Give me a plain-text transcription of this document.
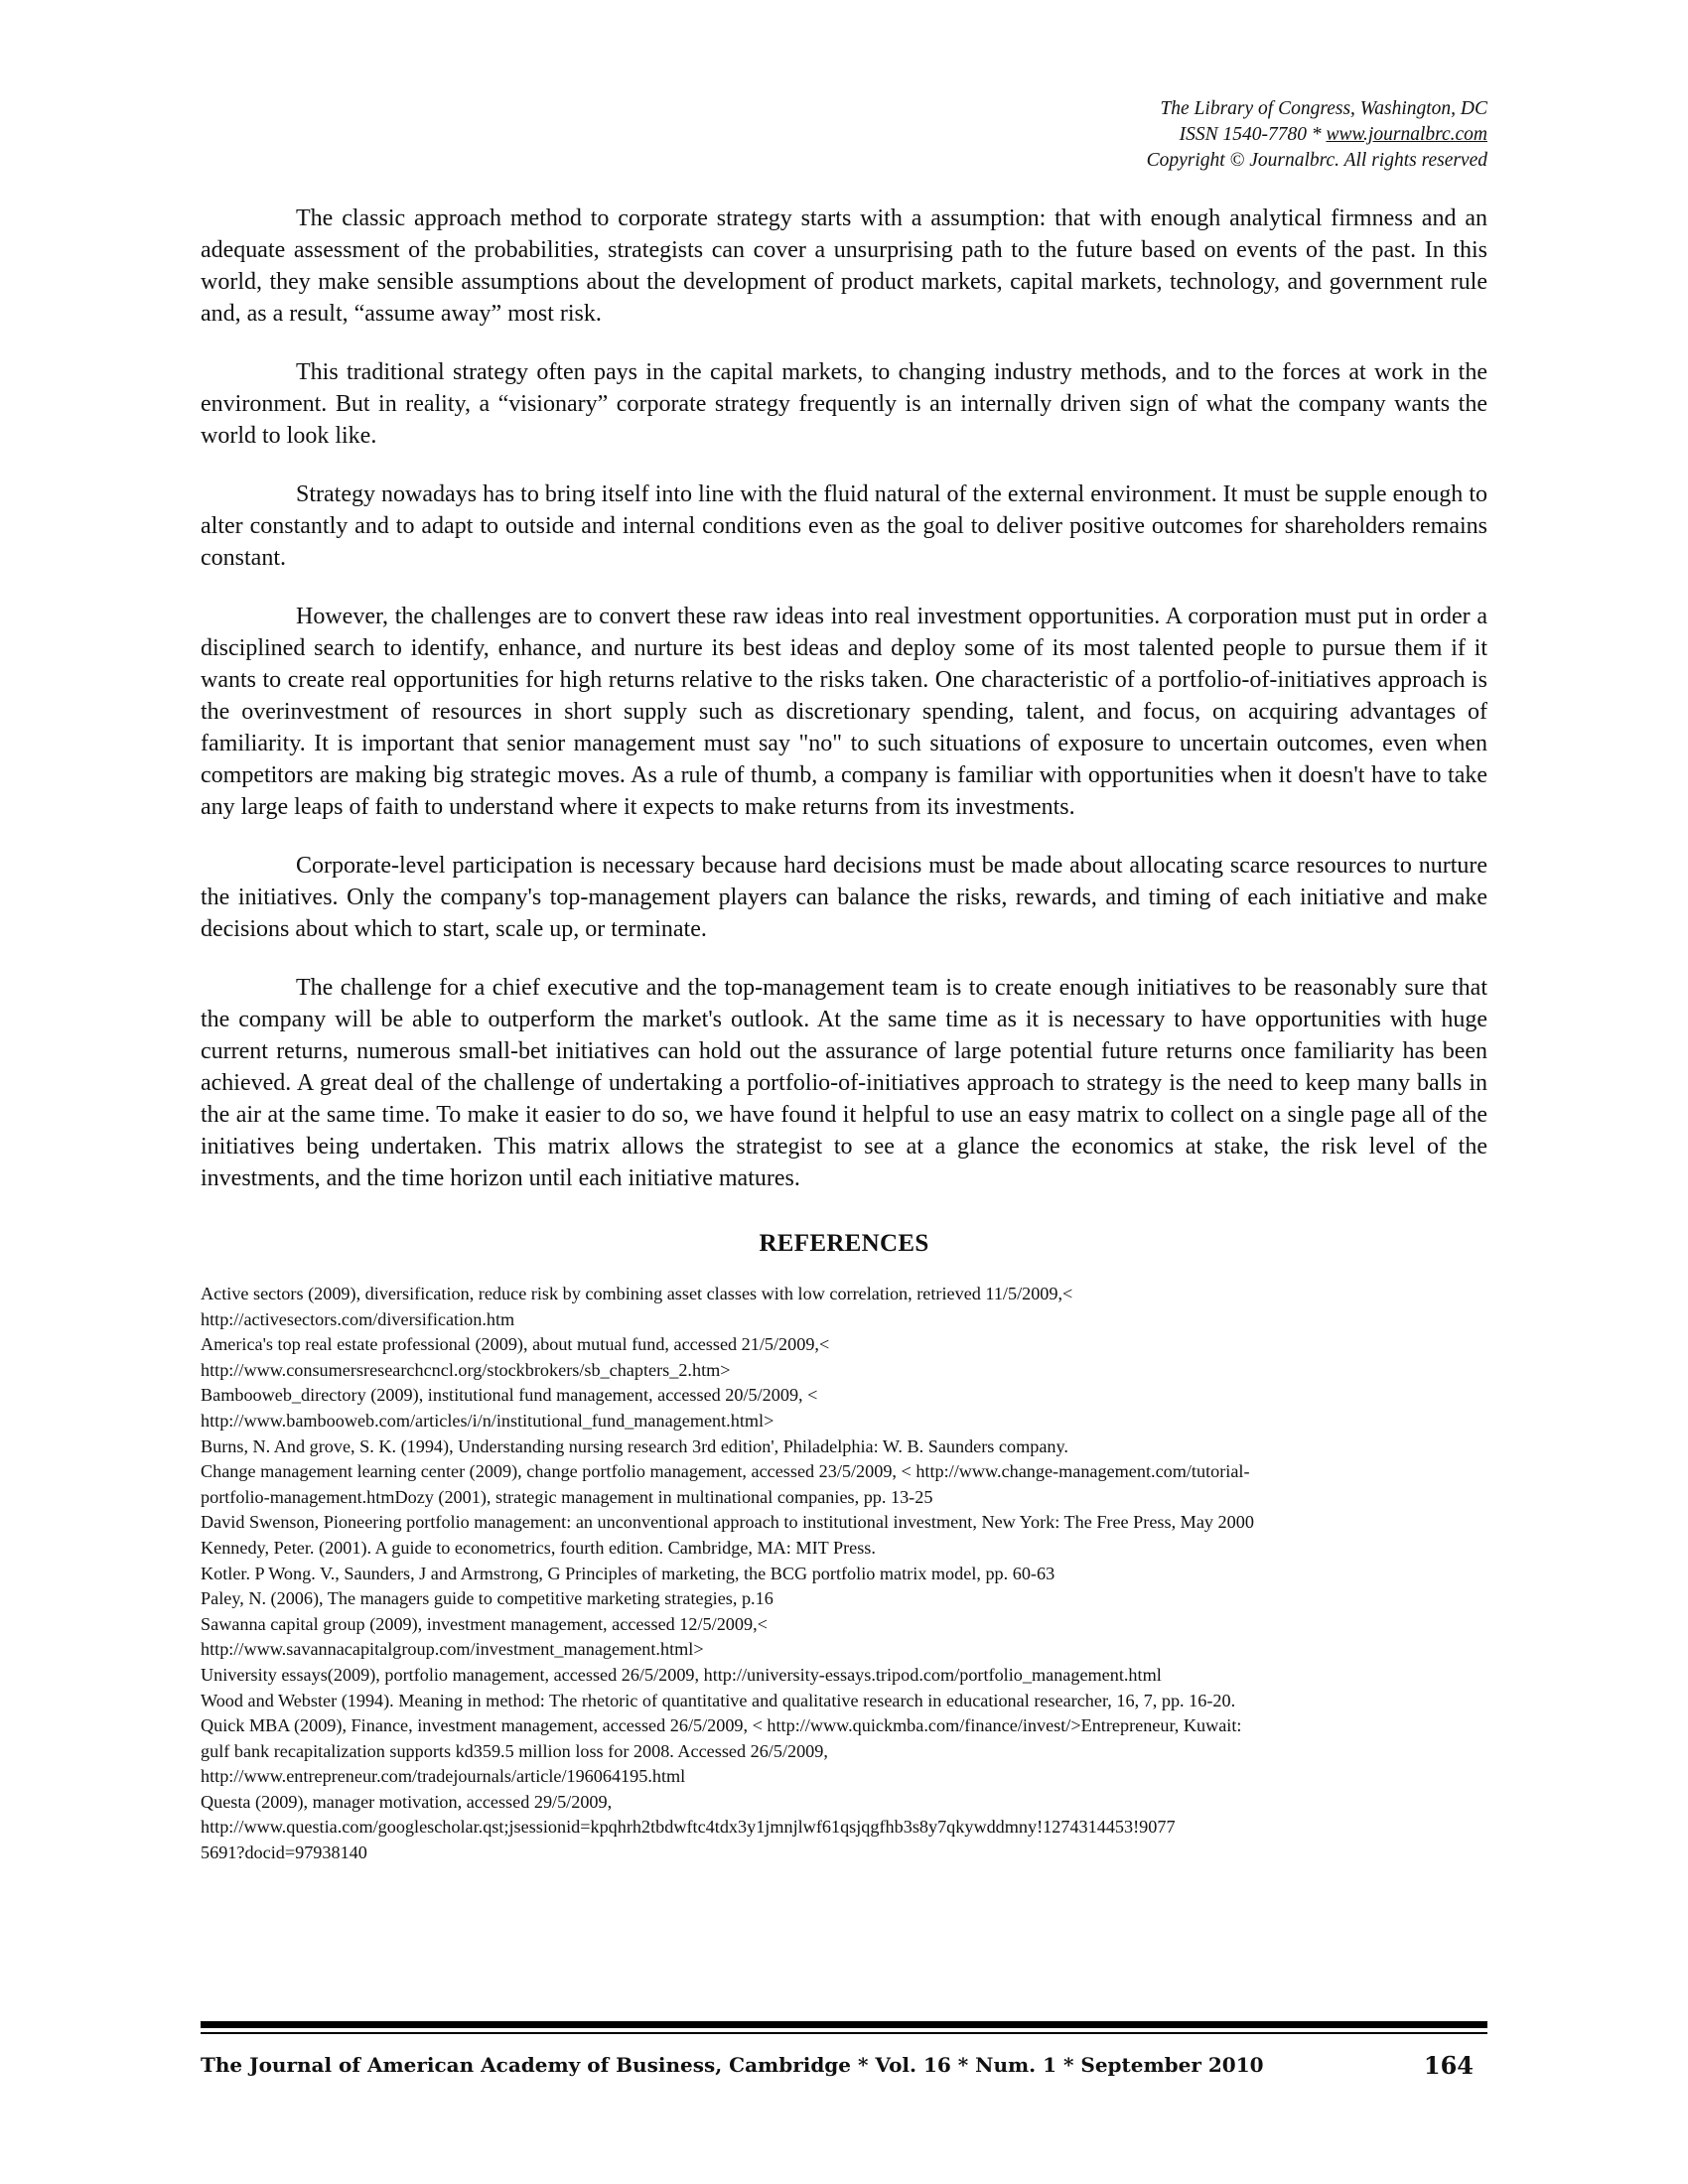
The Library of Congress, Washington, DC
ISSN 1540-7780 * www.journalbrc.com
Copyright © Journalbrc. All rights reserved

The classic approach method to corporate strategy starts with a assumption: that with enough analytical firmness and an adequate assessment of the probabilities, strategists can cover a unsurprising path to the future based on events of the past. In this world, they make sensible assumptions about the development of product markets, capital markets, technology, and government rule and, as a result, “assume away” most risk.

This traditional strategy often pays in the capital markets, to changing industry methods, and to the forces at work in the environment. But in reality, a “visionary” corporate strategy frequently is an internally driven sign of what the company wants the world to look like.

Strategy nowadays has to bring itself into line with the fluid natural of the external environment. It must be supple enough to alter constantly and to adapt to outside and internal conditions even as the goal to deliver positive outcomes for shareholders remains constant.

However, the challenges are to convert these raw ideas into real investment opportunities. A corporation must put in order a disciplined search to identify, enhance, and nurture its best ideas and deploy some of its most talented people to pursue them if it wants to create real opportunities for high returns relative to the risks taken. One characteristic of a portfolio-of-initiatives approach is the overinvestment of resources in short supply such as discretionary spending, talent, and focus, on acquiring advantages of familiarity. It is important that senior management must say "no" to such situations of exposure to uncertain outcomes, even when competitors are making big strategic moves. As a rule of thumb, a company is familiar with opportunities when it doesn't have to take any large leaps of faith to understand where it expects to make returns from its investments.

Corporate-level participation is necessary because hard decisions must be made about allocating scarce resources to nurture the initiatives. Only the company's top-management players can balance the risks, rewards, and timing of each initiative and make decisions about which to start, scale up, or terminate.

The challenge for a chief executive and the top-management team is to create enough initiatives to be reasonably sure that the company will be able to outperform the market's outlook. At the same time as it is necessary to have opportunities with huge current returns, numerous small-bet initiatives can hold out the assurance of large potential future returns once familiarity has been achieved. A great deal of the challenge of undertaking a portfolio-of-initiatives approach to strategy is the need to keep many balls in the air at the same time. To make it easier to do so, we have found it helpful to use an easy matrix to collect on a single page all of the initiatives being undertaken. This matrix allows the strategist to see at a glance the economics at stake, the risk level of the investments, and the time horizon until each initiative matures.

REFERENCES

Active sectors (2009), diversification, reduce risk by combining asset classes with low correlation, retrieved 11/5/2009,<
http://activesectors.com/diversification.htm

America's top real estate professional (2009), about mutual fund, accessed 21/5/2009,<
http://www.consumersresearchcncl.org/stockbrokers/sb_chapters_2.htm>

Bambooweb_directory (2009), institutional fund management, accessed 20/5/2009, <
http://www.bambooweb.com/articles/i/n/institutional_fund_management.html>

Burns, N. And grove, S. K. (1994), Understanding nursing research 3rd edition', Philadelphia: W. B. Saunders company.

Change management learning center (2009), change portfolio management, accessed 23/5/2009, < http://www.change-management.com/tutorial-
portfolio-management.htmDozy (2001), strategic management in multinational companies, pp. 13-25

David Swenson, Pioneering portfolio management: an unconventional approach to institutional investment, New York: The Free Press, May 2000

Kennedy, Peter. (2001). A guide to econometrics, fourth edition. Cambridge, MA: MIT Press.

Kotler. P Wong. V., Saunders, J and Armstrong, G Principles of marketing, the BCG portfolio matrix model, pp. 60-63

Paley, N. (2006), The managers guide to competitive marketing strategies, p.16

Sawanna capital group (2009), investment management, accessed 12/5/2009,<
http://www.savannacapitalgroup.com/investment_management.html>

University essays(2009), portfolio management, accessed 26/5/2009, http://university-essays.tripod.com/portfolio_management.html

Wood and Webster (1994). Meaning in method: The rhetoric of quantitative and qualitative research in educational researcher, 16, 7, pp. 16-20.

Quick MBA (2009), Finance, investment management, accessed 26/5/2009, < http://www.quickmba.com/finance/invest/>Entrepreneur, Kuwait:
gulf bank recapitalization supports kd359.5 million loss for 2008. Accessed 26/5/2009,
http://www.entrepreneur.com/tradejournals/article/196064195.html

Questa (2009), manager motivation, accessed 29/5/2009,
http://www.questia.com/googlescholar.qst;jsessionid=kpqhrh2tbdwftc4tdx3y1jmnjlwf61qsjqgfhb3s8y7qkywddmny!1274314453!9077
5691?docid=97938140

The Journal of American Academy of Business, Cambridge * Vol. 16 * Num. 1 * September 2010	164
